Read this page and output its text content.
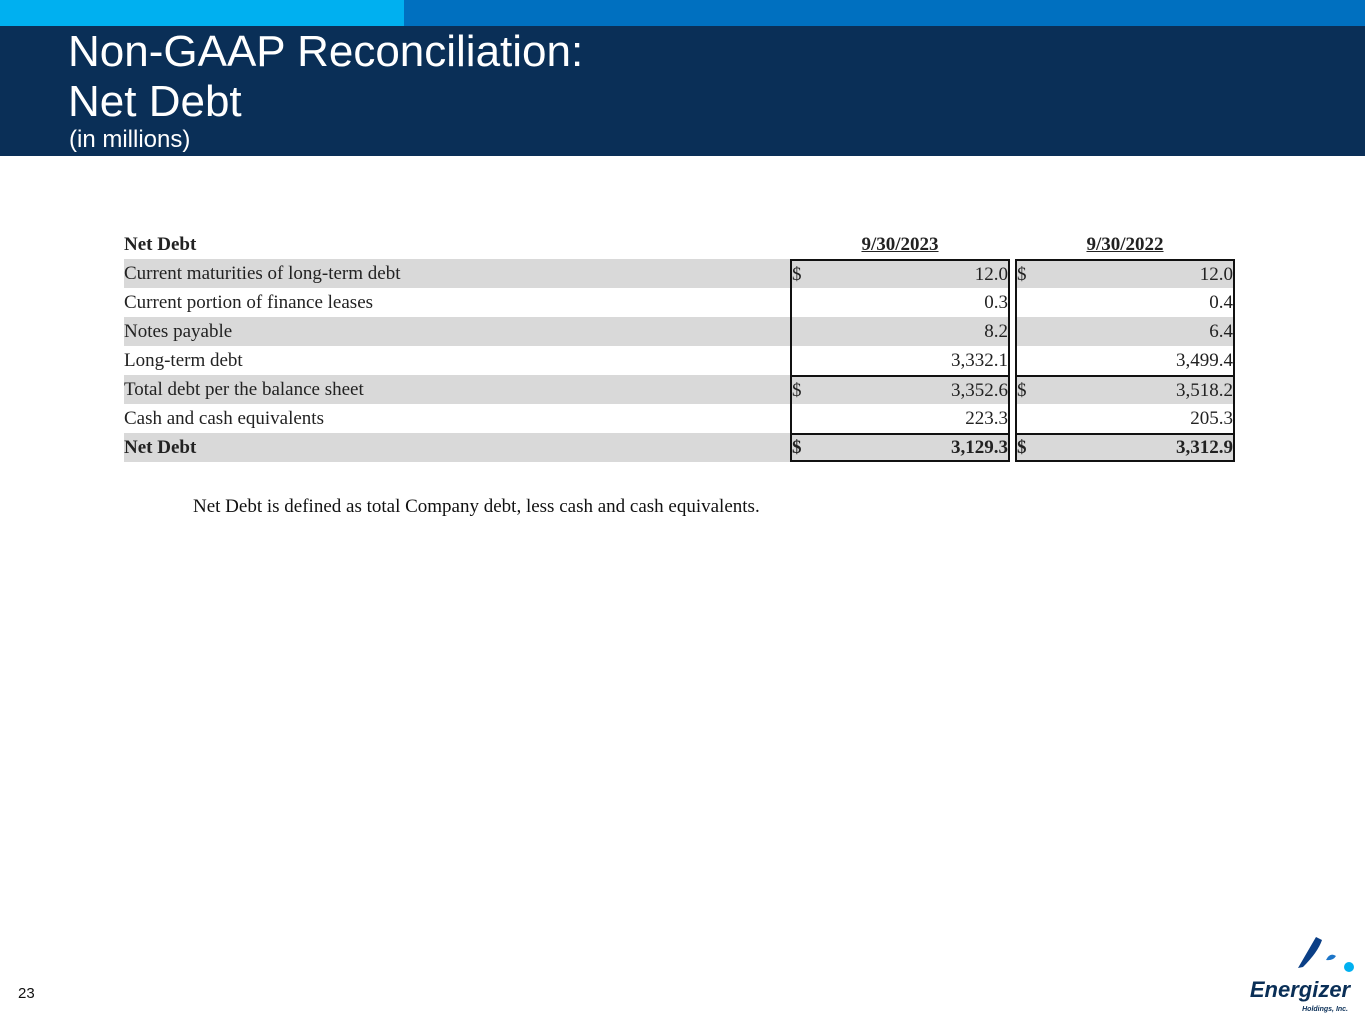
Non-GAAP Reconciliation:
Net Debt
(in millions)
Net Debt	9/30/2023			9/30/2022	
Current maturities of long-term debt	$	12.0		$	12.0
Current portion of finance leases		0.3			0.4
Notes payable		8.2			6.4
Long-term debt		3,332.1			3,499.4
Total debt per the balance sheet	$	3,352.6		$	3,518.2
Cash and cash equivalents		223.3			205.3
Net Debt	$	3,129.3		$	3,312.9
Net Debt is defined as total Company debt, less cash and cash equivalents.
23	Energizer
Holdings, Inc.
